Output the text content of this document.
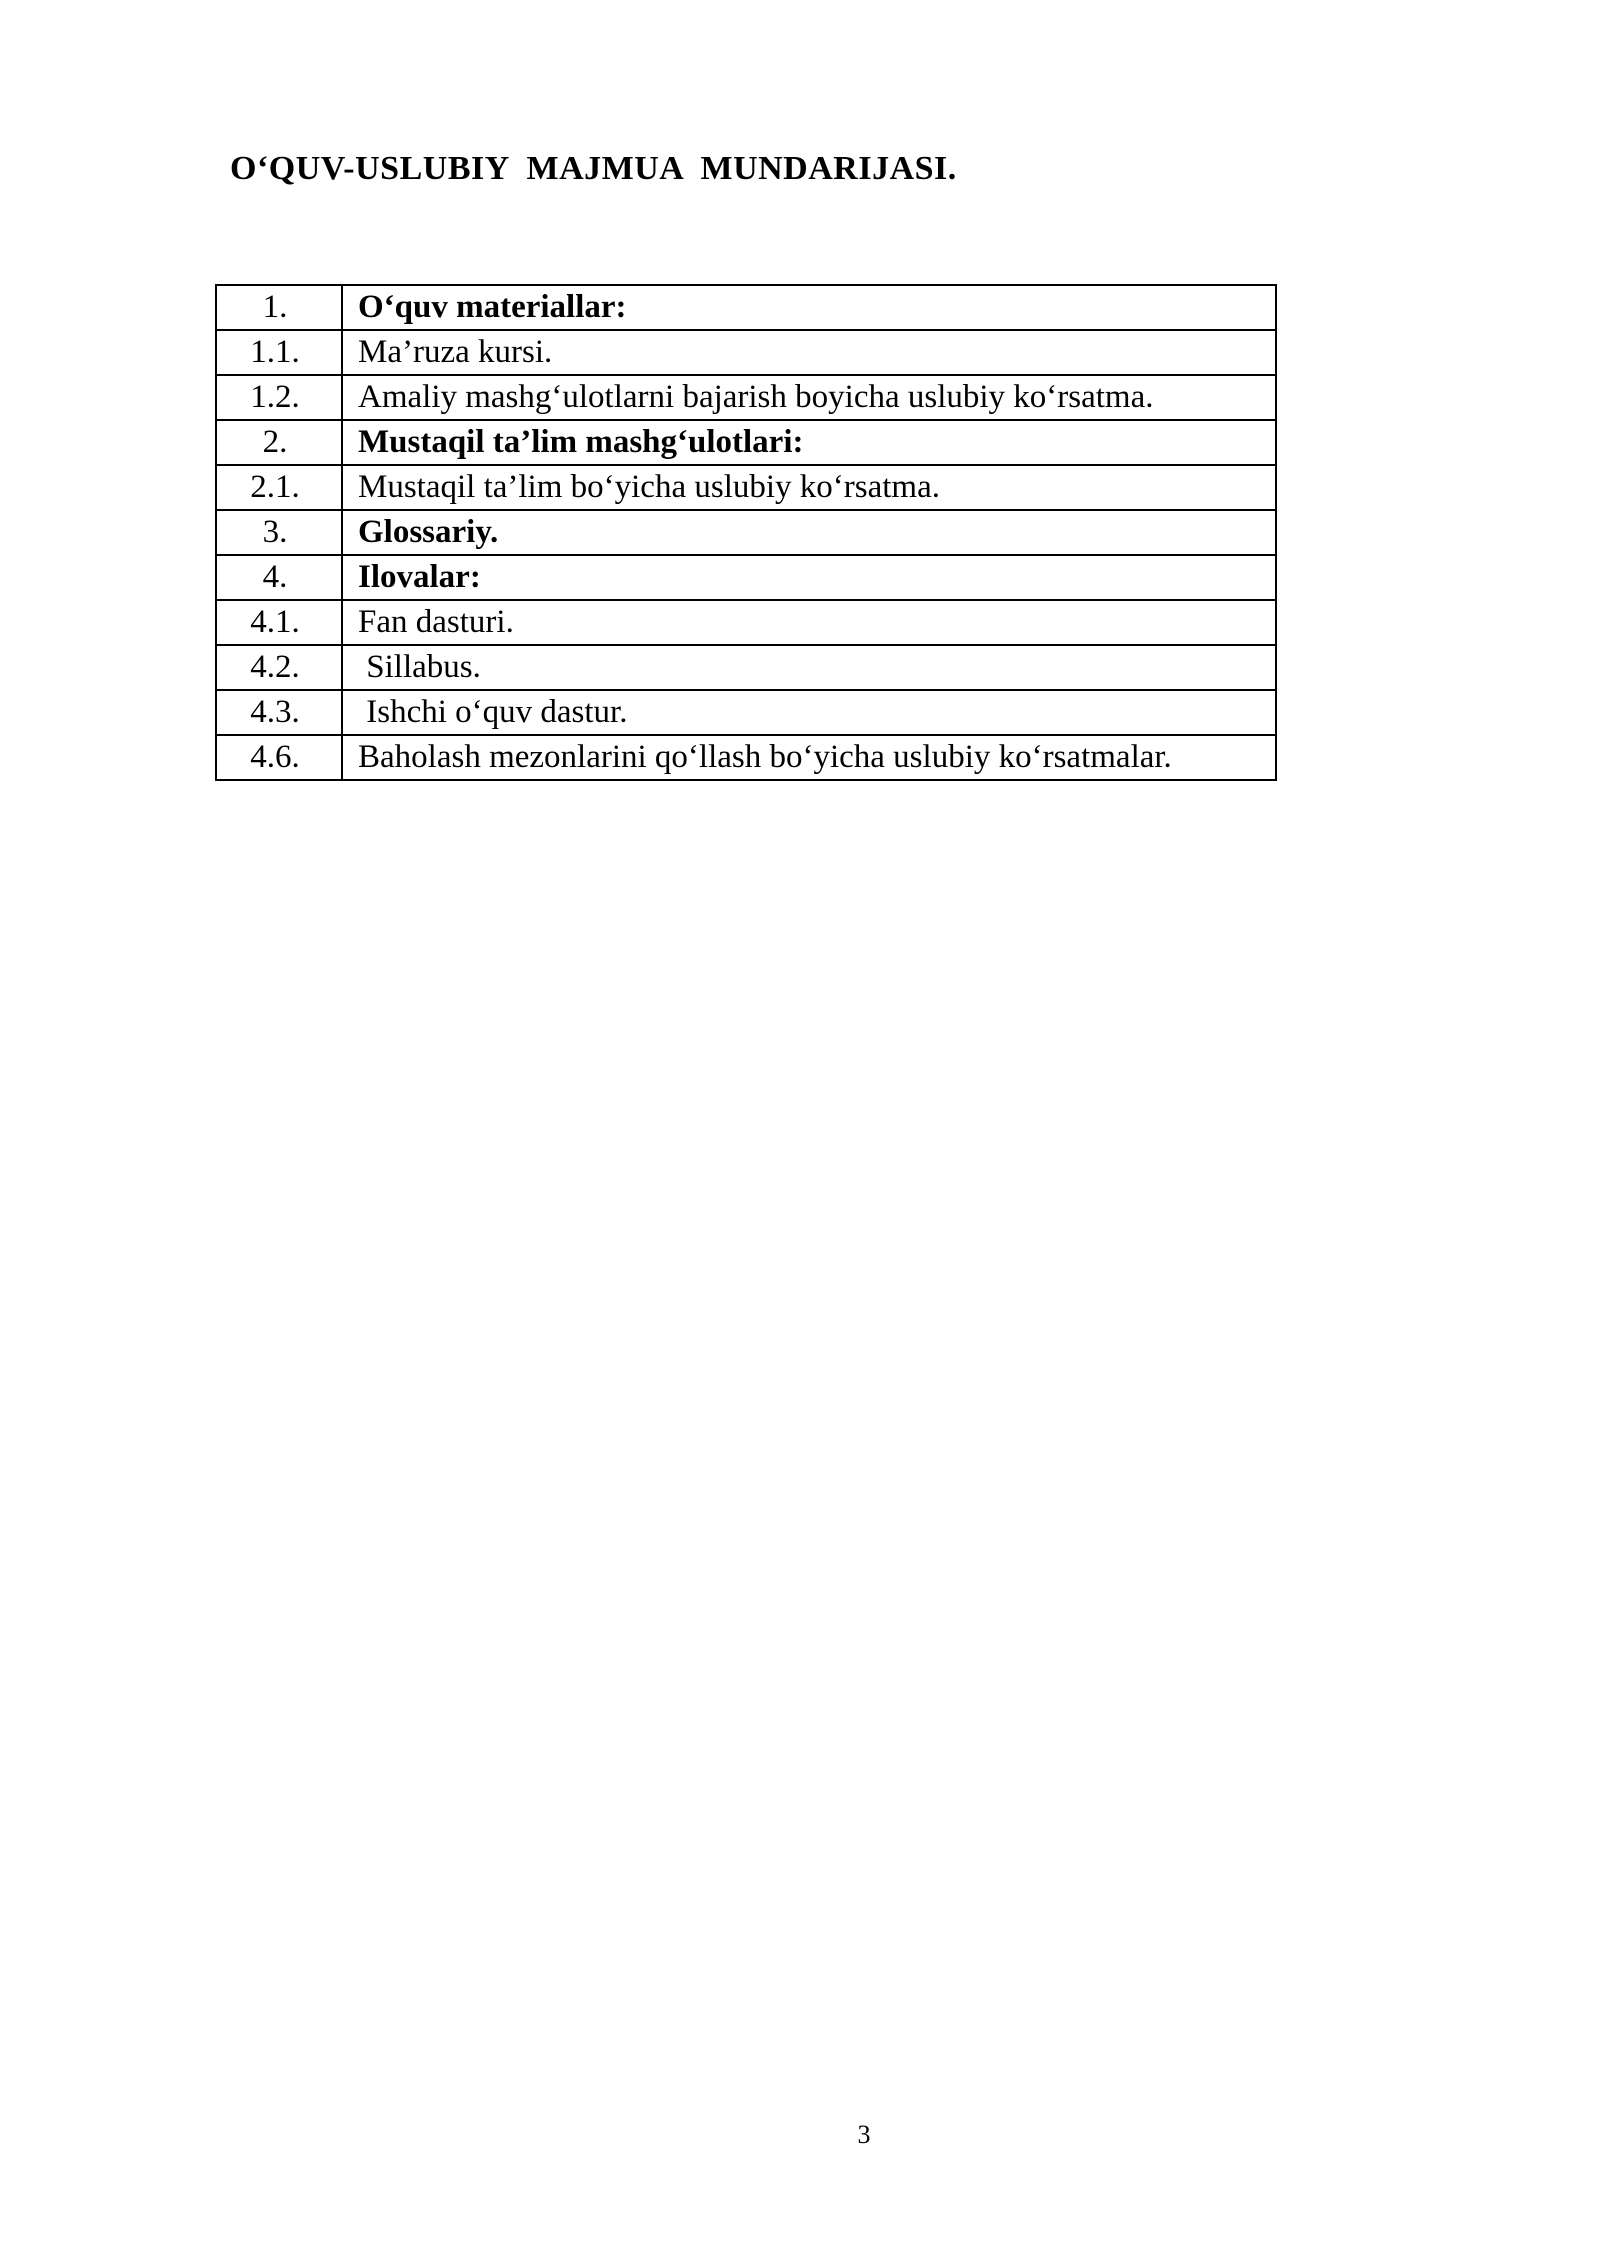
O‘QUV-USLUBIY  MAJMUA  MUNDARIJASI.
1.	O‘quv materiallar:
1.1.	Ma’ruza kursi.
1.2.	Amaliy mashg‘ulotlarni bajarish boyicha uslubiy ko‘rsatma.
2.	Mustaqil ta’lim mashg‘ulotlari:
2.1.	Mustaqil ta’lim bo‘yicha uslubiy ko‘rsatma.
3.	Glossariy.
4.	Ilovalar:
4.1.	Fan dasturi.
4.2.	Sillabus.
4.3.	Ishchi o‘quv dastur.
4.6.	Baholash mezonlarini qo‘llash bo‘yicha uslubiy ko‘rsatmalar.
3
